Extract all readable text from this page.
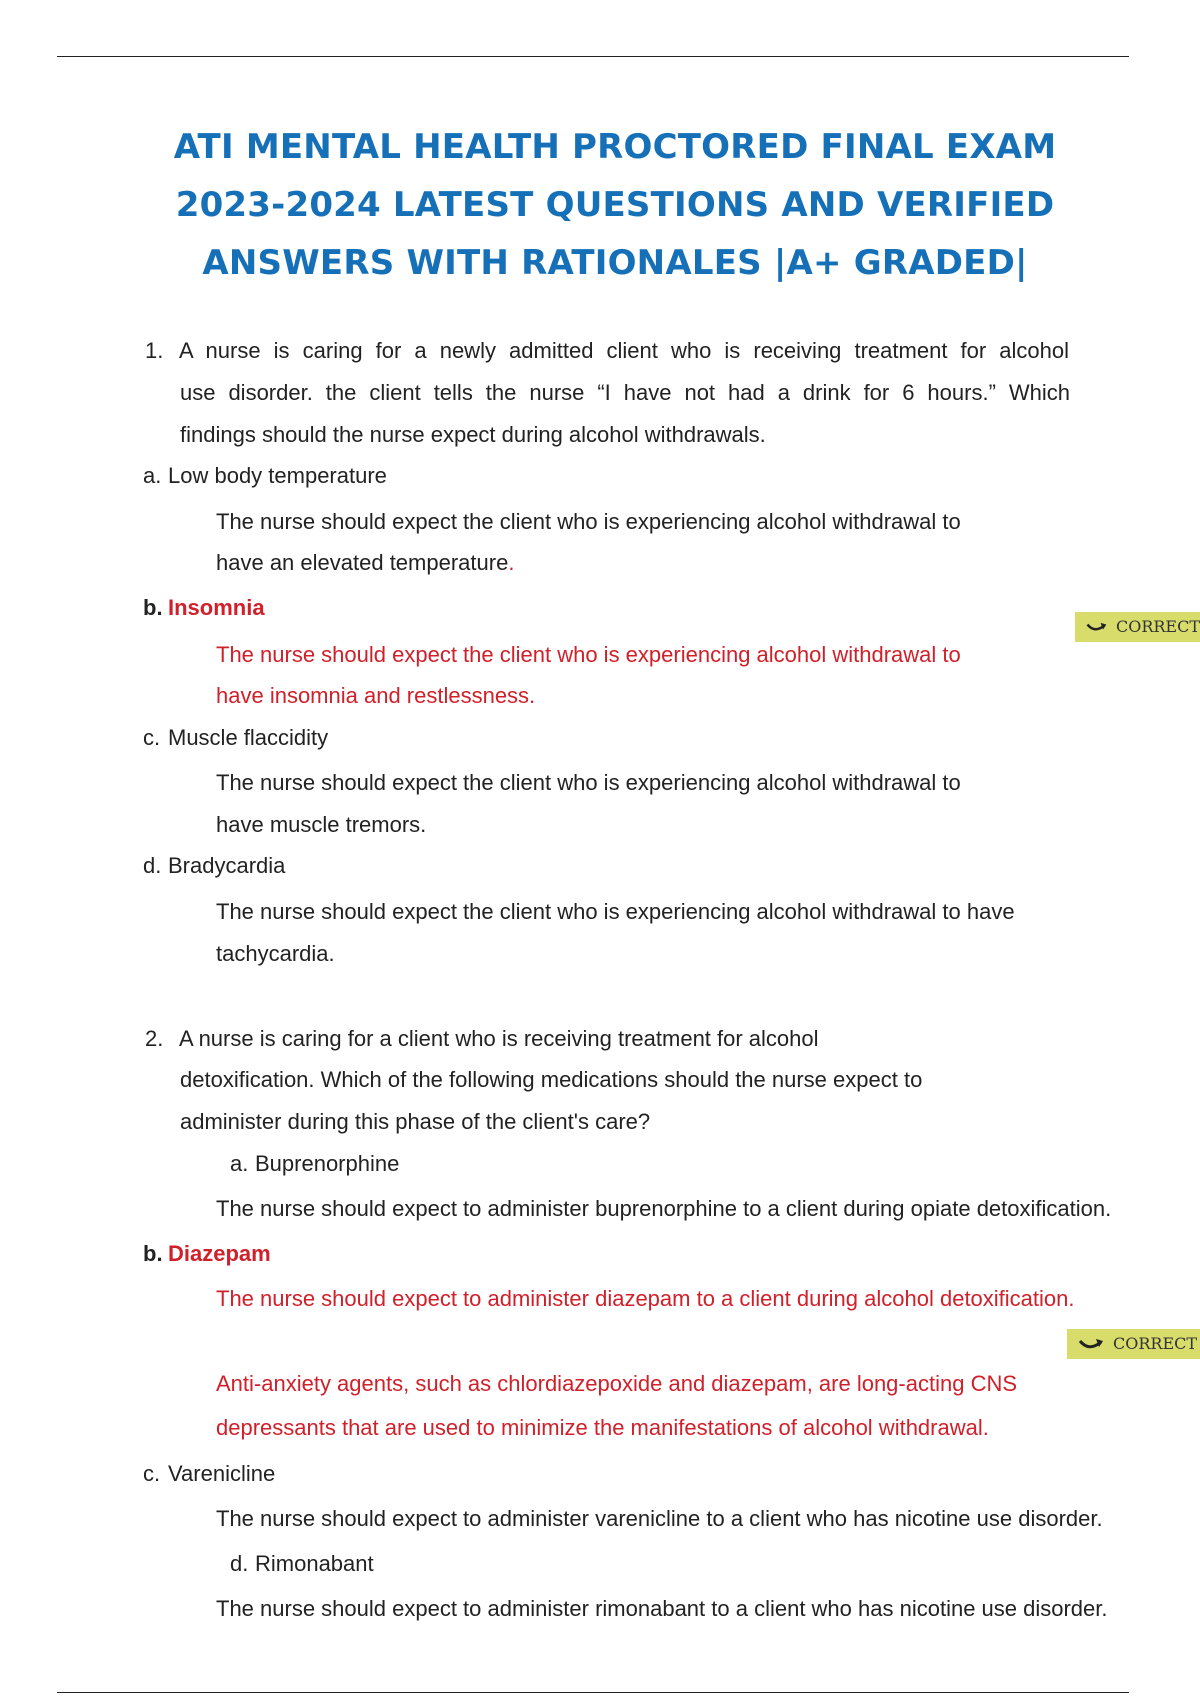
ATI MENTAL HEALTH PROCTORED FINAL EXAM
2023-2024 LATEST QUESTIONS AND VERIFIED
ANSWERS WITH RATIONALES |A+ GRADED|

1. A nurse is caring for a newly admitted client who is receiving treatment for alcohol

use disorder. the client tells the nurse “I have not had a drink for 6 hours.” Which

findings should the nurse expect during alcohol withdrawals.

a. Low body temperature

The nurse should expect the client who is experiencing alcohol withdrawal to

have an elevated temperature.

b. Insomnia

CORRECT

The nurse should expect the client who is experiencing alcohol withdrawal to

have insomnia and restlessness.

c. Muscle flaccidity

The nurse should expect the client who is experiencing alcohol withdrawal to

have muscle tremors.

d. Bradycardia

The nurse should expect the client who is experiencing alcohol withdrawal to have

tachycardia.

2. A nurse is caring for a client who is receiving treatment for alcohol

detoxification. Which of the following medications should the nurse expect to

administer during this phase of the client's care?

a. Buprenorphine

The nurse should expect to administer buprenorphine to a client during opiate detoxification.

b. Diazepam

The nurse should expect to administer diazepam to a client during alcohol detoxification.

CORRECT

Anti-anxiety agents, such as chlordiazepoxide and diazepam, are long-acting CNS

depressants that are used to minimize the manifestations of alcohol withdrawal.

c. Varenicline

The nurse should expect to administer varenicline to a client who has nicotine use disorder.

d. Rimonabant

The nurse should expect to administer rimonabant to a client who has nicotine use disorder.
